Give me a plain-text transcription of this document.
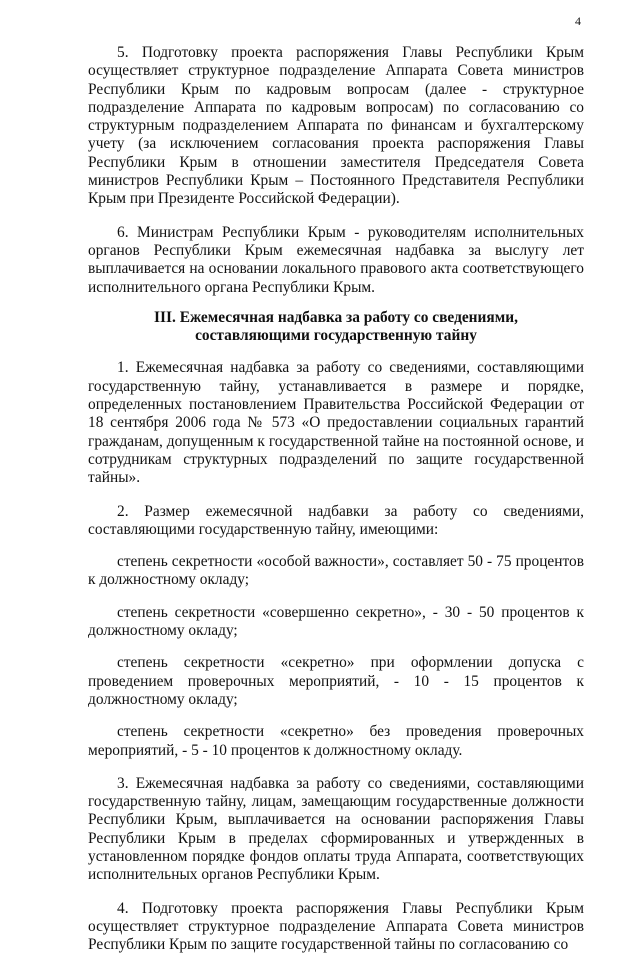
4

5. Подготовку проекта распоряжения Главы Республики Крым осуществляет структурное подразделение Аппарата Совета министров Республики Крым по кадровым вопросам (далее - структурное подразделение Аппарата по кадровым вопросам) по согласованию со структурным подразделением Аппарата по финансам и бухгалтерскому учету (за исключением согласования проекта распоряжения Главы Республики Крым в отношении заместителя Председателя Совета министров Республики Крым – Постоянного Представителя Республики Крым при Президенте Российской Федерации).

6. Министрам Республики Крым - руководителям исполнительных органов Республики Крым ежемесячная надбавка за выслугу лет выплачивается на основании локального правового акта соответствующего исполнительного органа Республики Крым.

III. Ежемесячная надбавка за работу со сведениями,
составляющими государственную тайну

1. Ежемесячная надбавка за работу со сведениями, составляющими государственную тайну, устанавливается в размере и порядке, определенных постановлением Правительства Российской Федерации от 18 сентября 2006 года № 573 «О предоставлении социальных гарантий гражданам, допущенным к государственной тайне на постоянной основе, и сотрудникам структурных подразделений по защите государственной тайны».

2. Размер ежемесячной надбавки за работу со сведениями, составляющими государственную тайну, имеющими:

степень секретности «особой важности», составляет 50 - 75 процентов к должностному окладу;

степень секретности «совершенно секретно», - 30 - 50 процентов к должностному окладу;

степень секретности «секретно» при оформлении допуска с проведением проверочных мероприятий, - 10 - 15 процентов к должностному окладу;

степень секретности «секретно» без проведения проверочных мероприятий, - 5 - 10 процентов к должностному окладу.

3. Ежемесячная надбавка за работу со сведениями, составляющими государственную тайну, лицам, замещающим государственные должности Республики Крым, выплачивается на основании распоряжения Главы Республики Крым в пределах сформированных и утвержденных в установленном порядке фондов оплаты труда Аппарата, соответствующих исполнительных органов Республики Крым.

4. Подготовку проекта распоряжения Главы Республики Крым осуществляет структурное подразделение Аппарата Совета министров Республики Крым по защите государственной тайны по согласованию со
